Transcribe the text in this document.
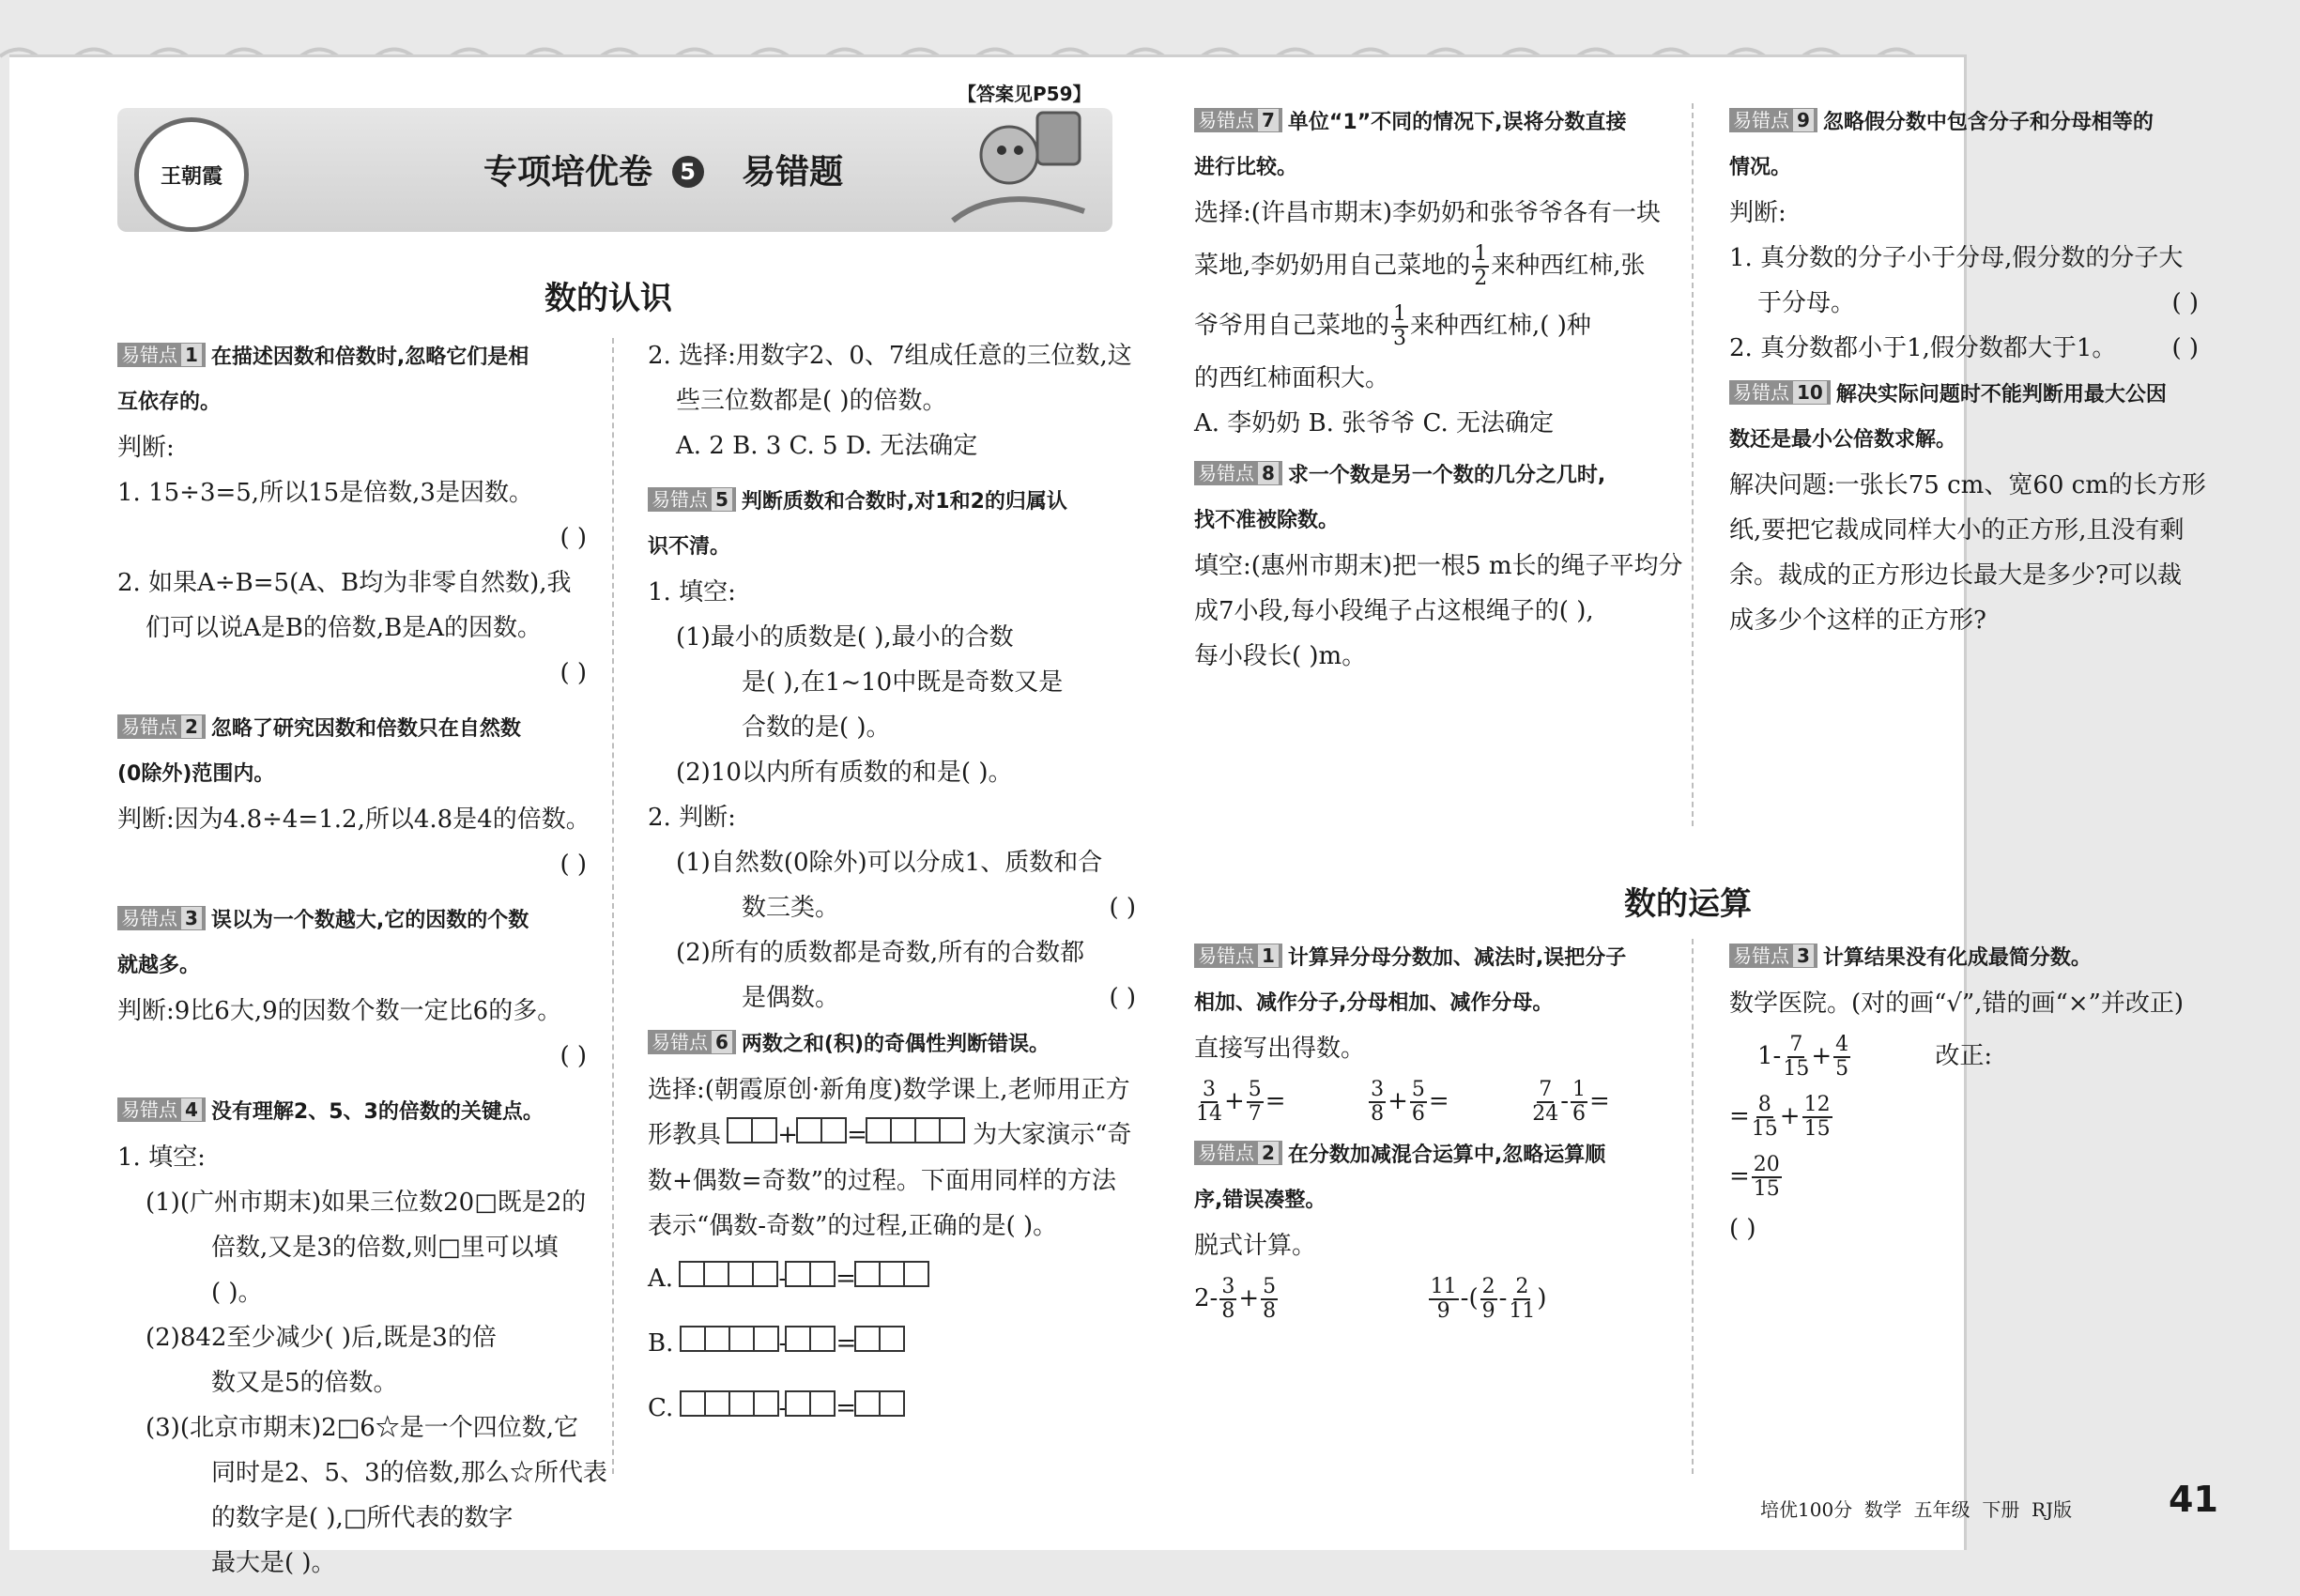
王朝霞	专项培优卷 5 易错题
【答案见P59】
数的认识
数的运算

易错点 1 在描述因数和倍数时,忽略它们是相

互依存的。

判断:

1. 15÷3=5,所以15是倍数,3是因数。

( )

2. 如果A÷B=5(A、B均为非零自然数),我

们可以说A是B的倍数,B是A的因数。

( )

易错点 2 忽略了研究因数和倍数只在自然数

(0除外)范围内。

判断:因为4.8÷4=1.2,所以4.8是4的倍数。

( )

易错点 3 误以为一个数越大,它的因数的个数

就越多。

判断:9比6大,9的因数个数一定比6的多。

( )

易错点 4 没有理解2、5、3的倍数的关键点。

1. 填空:

(1)(广州市期末)如果三位数20□既是2的

倍数,又是3的倍数,则□里可以填

( )。

(2)842至少减少( )后,既是3的倍

数又是5的倍数。

(3)(北京市期末)2□6☆是一个四位数,它

同时是2、5、3的倍数,那么☆所代表

的数字是( ),□所代表的数字

最大是( )。

2. 选择:用数字2、0、7组成任意的三位数,这

些三位数都是( )的倍数。

A. 2 B. 3 C. 5 D. 无法确定

易错点 5 判断质数和合数时,对1和2的归属认

识不清。

1. 填空:

(1)最小的质数是( ),最小的合数

是( ),在1~10中既是奇数又是

合数的是( )。

(2)10以内所有质数的和是( )。

2. 判断:

(1)自然数(0除外)可以分成1、质数和合

数三类。	( )

(2)所有的质数都是奇数,所有的合数都

是偶数。	( )

易错点 6 两数之和(积)的奇偶性判断错误。

选择:(朝霞原创·新角度)数学课上,老师用正方

形教具 + =	为大家演示“奇

数+偶数=奇数”的过程。下面用同样的方法

表示“偶数-奇数”的过程,正确的是( )。

A.	- =

B.	- =

C.	- =

易错点 7 单位“1”不同的情况下,误将分数直接

进行比较。

选择:(许昌市期末)李奶奶和张爷爷各有一块

菜地,李奶奶用自己菜地的 $\frac{1}{2}$ 来种西红柿,张

爷爷用自己菜地的 $\frac{1}{3}$ 来种西红柿,( )种

的西红柿面积大。

A. 李奶奶 B. 张爷爷 C. 无法确定

易错点 8 求一个数是另一个数的几分之几时,

找不准被除数。

填空:(惠州市期末)把一根5 m长的绳子平均分

成7小段,每小段绳子占这根绳子的( ),

每小段长( )m。

易错点 1 计算异分母分数加、减法时,误把分子

相加、减作分子,分母相加、减作分母。

直接写出得数。

$\frac{3}{14} + \frac{5}{7}$ =	$\frac{3}{8} + \frac{5}{6}$ =	$\frac{7}{24} - \frac{1}{6}$ =

易错点 2 在分数加减混合运算中,忽略运算顺

序,错误凑整。

脱式计算。

$2- \frac{3}{8} + \frac{5}{8}$
	$\frac{11}{9}$ -( $\frac{2}{9} - \frac{2}{11}$ )

易错点 9 忽略假分数中包含分子和分母相等的

情况。

判断:

1. 真分数的分子小于分母,假分数的分子大

于分母。	( )

2. 真分数都小于1,假分数都大于1。 ( )

易错点 10 解决实际问题时不能判断用最大公因

数还是最小公倍数求解。

解决问题:一张长75 cm、宽60 cm的长方形

纸,要把它裁成同样大小的正方形,且没有剩

余。裁成的正方形边长最大是多少?可以裁

成多少个这样的正方形?

易错点 3 计算结果没有化成最简分数。

数学医院。(对的画“√”,错的画“×”并改正)

$1- \frac{7}{15} + \frac{4}{5}$	改正:

= $\frac{8}{15} + \frac{12}{15}$

= $\frac{20}{15}$

( )

培优100分  数学  五年级  下册  RJ版	41
